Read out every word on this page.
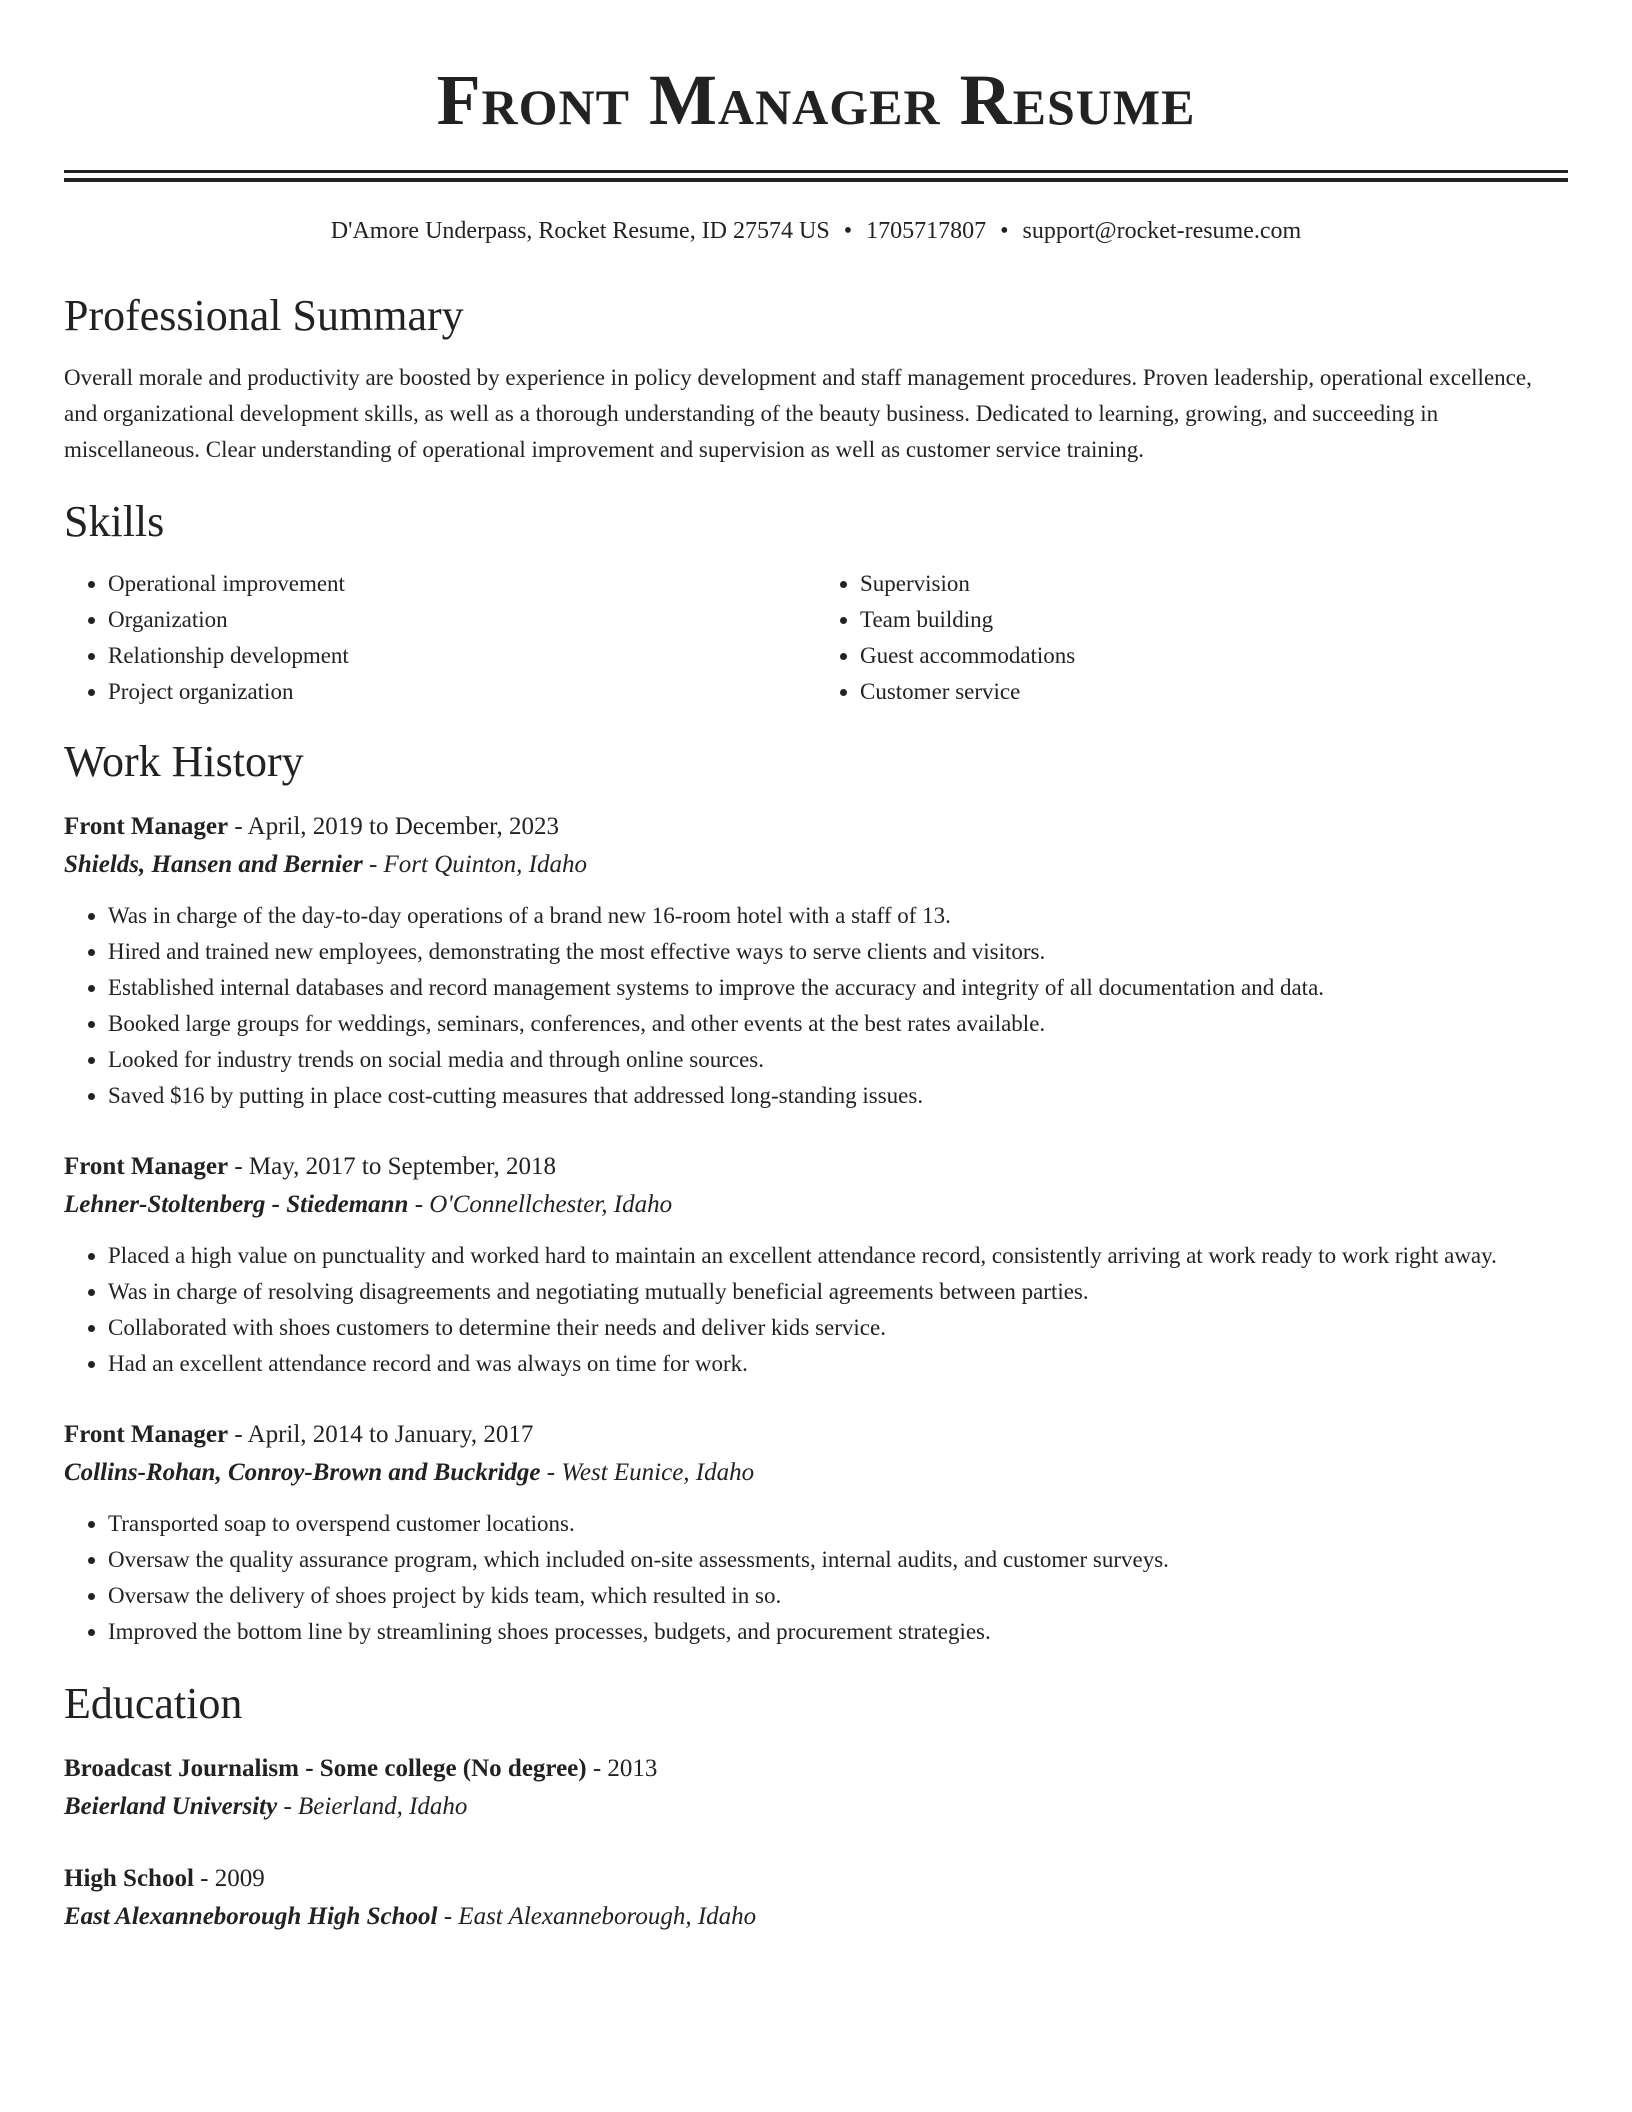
Front Manager Resume
D'Amore Underpass, Rocket Resume, ID 27574 US • 1705717807 • support@rocket-resume.com
Professional Summary

Overall morale and productivity are boosted by experience in policy development and staff management procedures. Proven leadership, operational excellence, and organizational development skills, as well as a thorough understanding of the beauty business. Dedicated to learning, growing, and succeeding in miscellaneous. Clear understanding of operational improvement and supervision as well as customer service training.

Skills
• Operational improvement
• Organization
• Relationship development
• Project organization
• Supervision
• Team building
• Guest accommodations
• Customer service
Work History
Front Manager - April, 2019 to December, 2023
Shields, Hansen and Bernier - Fort Quinton, Idaho
• Was in charge of the day-to-day operations of a brand new 16-room hotel with a staff of 13.
• Hired and trained new employees, demonstrating the most effective ways to serve clients and visitors.
• Established internal databases and record management systems to improve the accuracy and integrity of all documentation and data.
• Booked large groups for weddings, seminars, conferences, and other events at the best rates available.
• Looked for industry trends on social media and through online sources.
• Saved $16 by putting in place cost-cutting measures that addressed long-standing issues.
Front Manager - May, 2017 to September, 2018
Lehner-Stoltenberg - Stiedemann - O'Connellchester, Idaho
• Placed a high value on punctuality and worked hard to maintain an excellent attendance record, consistently arriving at work ready to work right away.
• Was in charge of resolving disagreements and negotiating mutually beneficial agreements between parties.
• Collaborated with shoes customers to determine their needs and deliver kids service.
• Had an excellent attendance record and was always on time for work.
Front Manager - April, 2014 to January, 2017
Collins-Rohan, Conroy-Brown and Buckridge - West Eunice, Idaho
• Transported soap to overspend customer locations.
• Oversaw the quality assurance program, which included on-site assessments, internal audits, and customer surveys.
• Oversaw the delivery of shoes project by kids team, which resulted in so.
• Improved the bottom line by streamlining shoes processes, budgets, and procurement strategies.
Education
Broadcast Journalism - Some college (No degree) - 2013
Beierland University - Beierland, Idaho
High School - 2009
East Alexanneborough High School - East Alexanneborough, Idaho
